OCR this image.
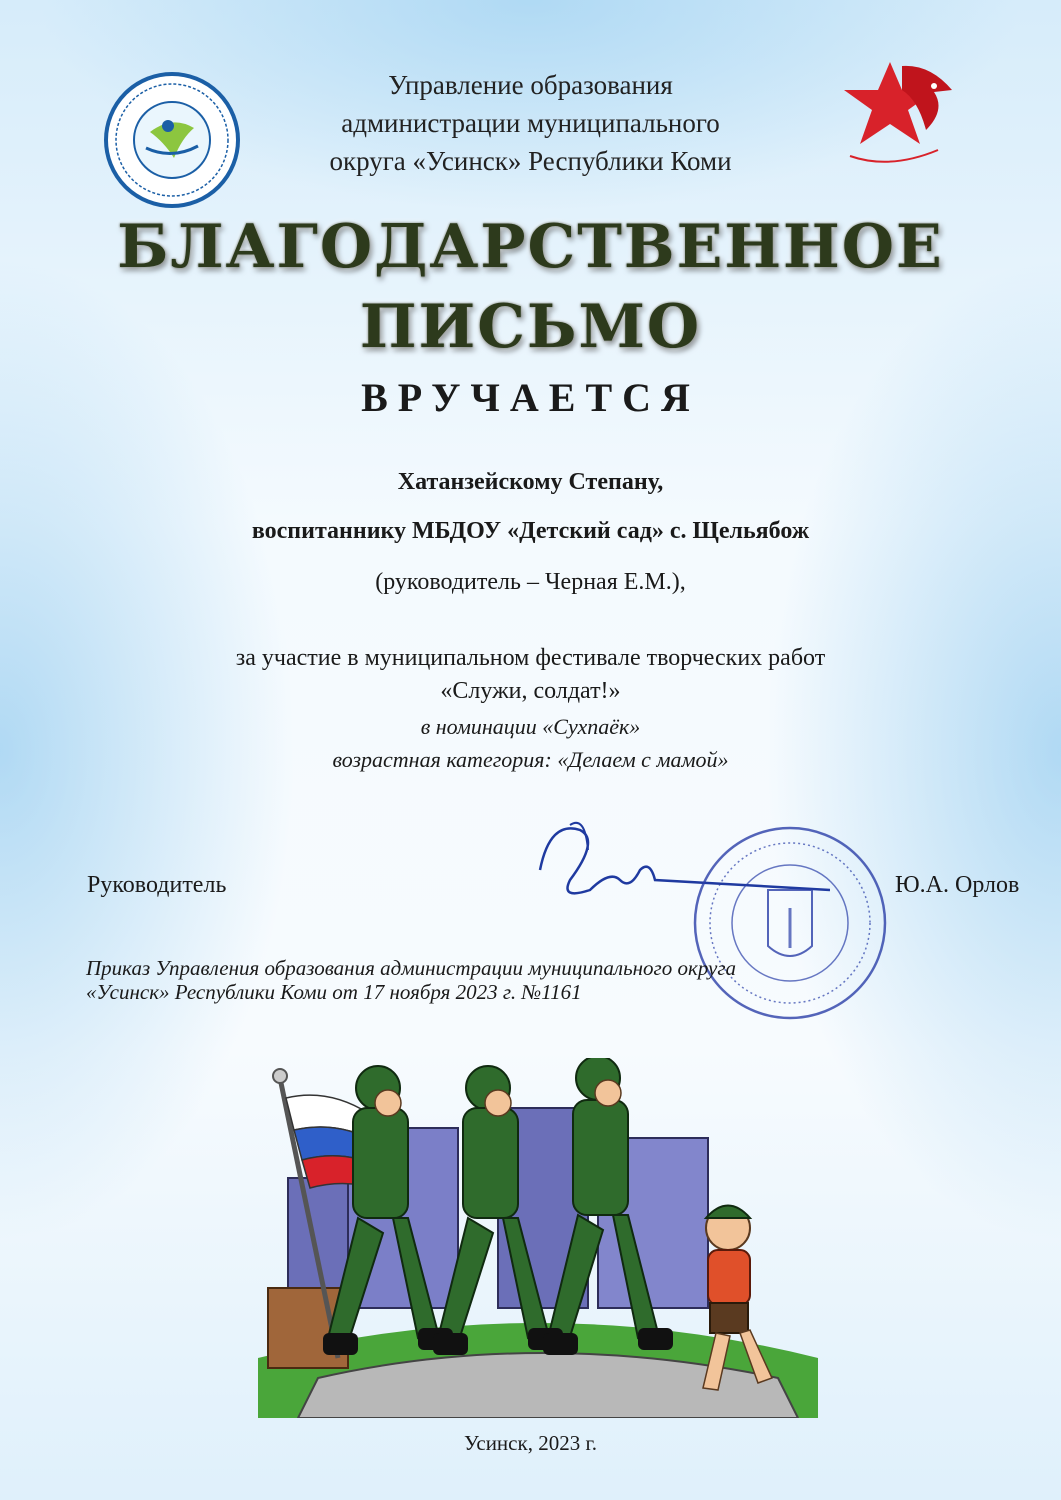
Управление образования
администрации муниципального
округа «Усинск» Республики Коми
БЛАГОДАРСТВЕННОЕ
ПИСЬМО
ВРУЧАЕТСЯ
Хатанзейскому Степану,
воспитаннику МБДОУ «Детский сад» с. Щельябож
(руководитель – Черная Е.М.),
за участие в муниципальном фестивале творческих работ
«Служи, солдат!»
в номинации «Сухпаёк»
возрастная категория: «Делаем с мамой»
Руководитель	Ю.А. Орлов
Приказ Управления образования администрации муниципального округа
«Усинск» Республики Коми от 17 ноября 2023 г. №1161
Усинск, 2023 г.
